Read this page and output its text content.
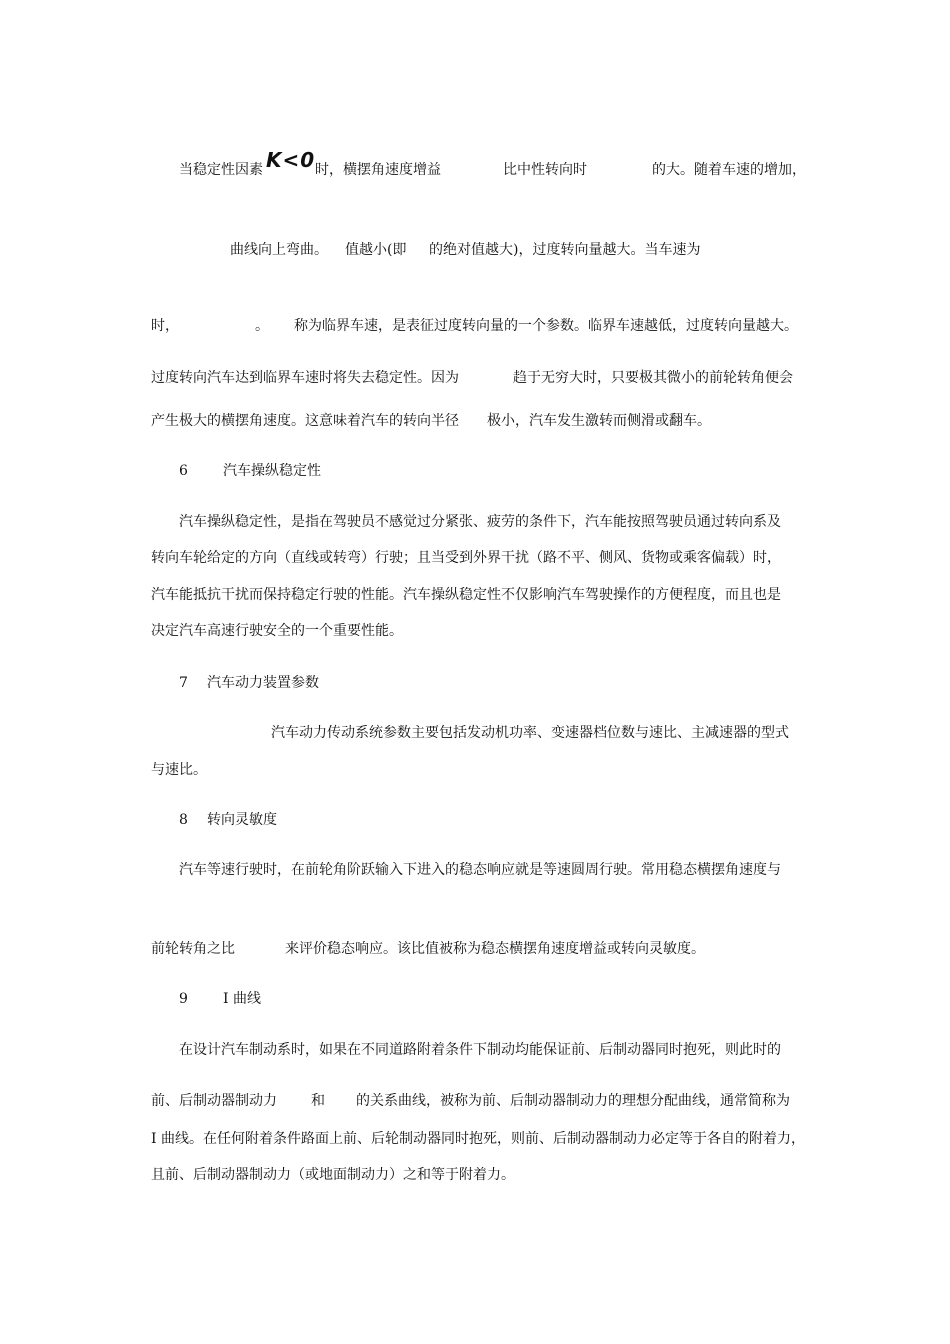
当稳定性因素 K<0 时，横摆角速度增益	比中性转向时	的大。随着车速的增加，
曲线向上弯曲。 值越小(即 的绝对值越大)，过度转向量越大。当车速为
时，	。 称为临界车速，是表征过度转向量的一个参数。临界车速越低，过度转向量越大。
过度转向汽车达到临界车速时将失去稳定性。因为	趋于无穷大时，只要极其微小的前轮转角便会
产生极大的横摆角速度。这意味着汽车的转向半径 极小，汽车发生激转而侧滑或翻车。
6	汽车操纵稳定性
汽车操纵稳定性，是指在驾驶员不感觉过分紧张、疲劳的条件下，汽车能按照驾驶员通过转向系及
转向车轮给定的方向（直线或转弯）行驶；且当受到外界干扰（路不平、侧风、货物或乘客偏载）时，
汽车能抵抗干扰而保持稳定行驶的性能。汽车操纵稳定性不仅影响汽车驾驶操作的方便程度，而且也是
决定汽车高速行驶安全的一个重要性能。
7 汽车动力装置参数
汽车动力传动系统参数主要包括发动机功率、变速器档位数与速比、主减速器的型式
与速比。
8 转向灵敏度
汽车等速行驶时，在前轮角阶跃输入下进入的稳态响应就是等速圆周行驶。常用稳态横摆角速度与
前轮转角之比	来评价稳态响应。该比值被称为稳态横摆角速度增益或转向灵敏度。
9	I 曲线
在设计汽车制动系时，如果在不同道路附着条件下制动均能保证前、后制动器同时抱死，则此时的
前、后制动器制动力 和 的关系曲线，被称为前、后制动器制动力的理想分配曲线，通常简称为
I 曲线。在任何附着条件路面上前、后轮制动器同时抱死，则前、后制动器制动力必定等于各自的附着力，
且前、后制动器制动力（或地面制动力）之和等于附着力。
